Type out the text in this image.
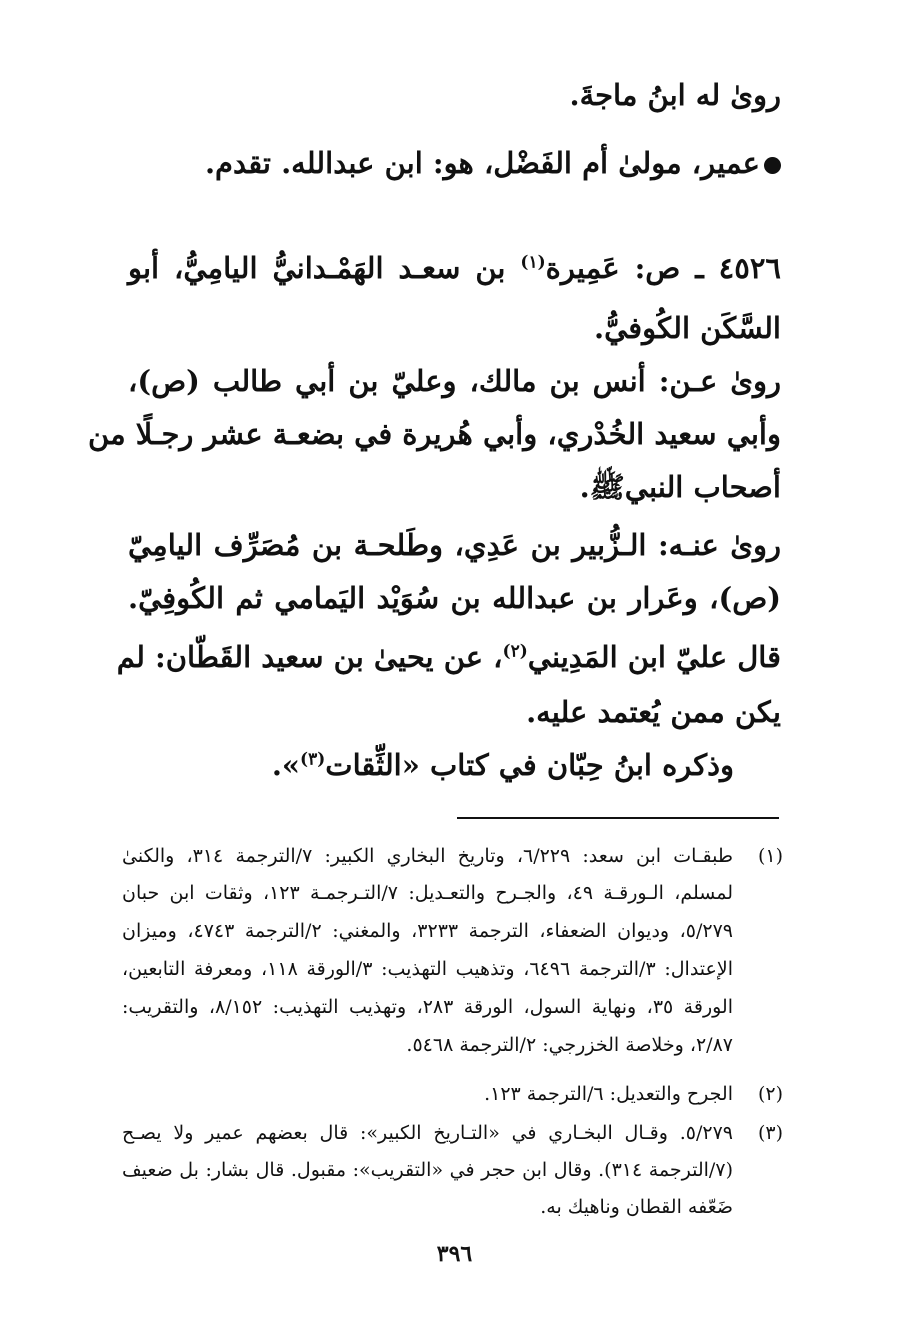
روىٰ له ابنُ ماجةَ.
عمير، مولىٰ أم الفَضْل، هو: ابن عبدالله. تقدم.
٤٥٢٦ ـ ص: عَمِيرة$^{(١)}$ بن سعـد الهَمْـدانيُّ اليامِيُّ، أبو
السَّكَن الكُوفيُّ.
روىٰ عـن: أنس بن مالك، وعليّ بن أبي طالب (ص)،
وأبي سعيد الخُدْري، وأبي هُريرة في بضعـة عشر رجـلًا من
أصحاب النبيﷺ.
روىٰ عنـه: الـزُّبير بن عَدِي، وطَلحـة بن مُصَرِّف اليامِيّ
(ص)، وعَرار بن عبدالله بن سُوَيْد اليَمامي ثم الكُوفِيّ.
قال عليّ ابن المَدِيني$^{(٢)}$، عن يحيىٰ بن سعيد القَطّان: لم
يكن ممن يُعتمد عليه.
وذكره ابنُ حِبّان في كتاب «الثِّقات$^{(٣)}$».
(١)
طبقـات ابن سعد: ٦/٢٢٩، وتاريخ البخاري الكبير: ٧/الترجمة ٣١٤، والكنىٰ
لمسلم، الـورقـة ٤٩، والجـرح والتعـديل: ٧/التـرجمـة ١٢٣، وثقات ابن حبان
٥/٢٧٩، وديوان الضعفاء، الترجمة ٣٢٣٣، والمغني: ٢/الترجمة ٤٧٤٣، وميزان
الإعتدال: ٣/الترجمة ٦٤٩٦، وتذهيب التهذيب: ٣/الورقة ١١٨، ومعرفة التابعين،
الورقة ٣٥، ونهاية السول، الورقة ٢٨٣، وتهذيب التهذيب: ٨/١٥٢، والتقريب:
٢/٨٧، وخلاصة الخزرجي: ٢/الترجمة ٥٤٦٨.
(٢)
الجرح والتعديل: ٦/الترجمة ١٢٣.
(٣)
٥/٢٧٩. وقـال البخـاري في «التـاريخ الكبير»: قال بعضهم عمير ولا يصـح
(٧/الترجمة ٣١٤). وقال ابن حجر في «التقريب»: مقبول. قال بشار: بل ضعيف
ضَعّفه القطان وناهيك به.
٣٩٦
